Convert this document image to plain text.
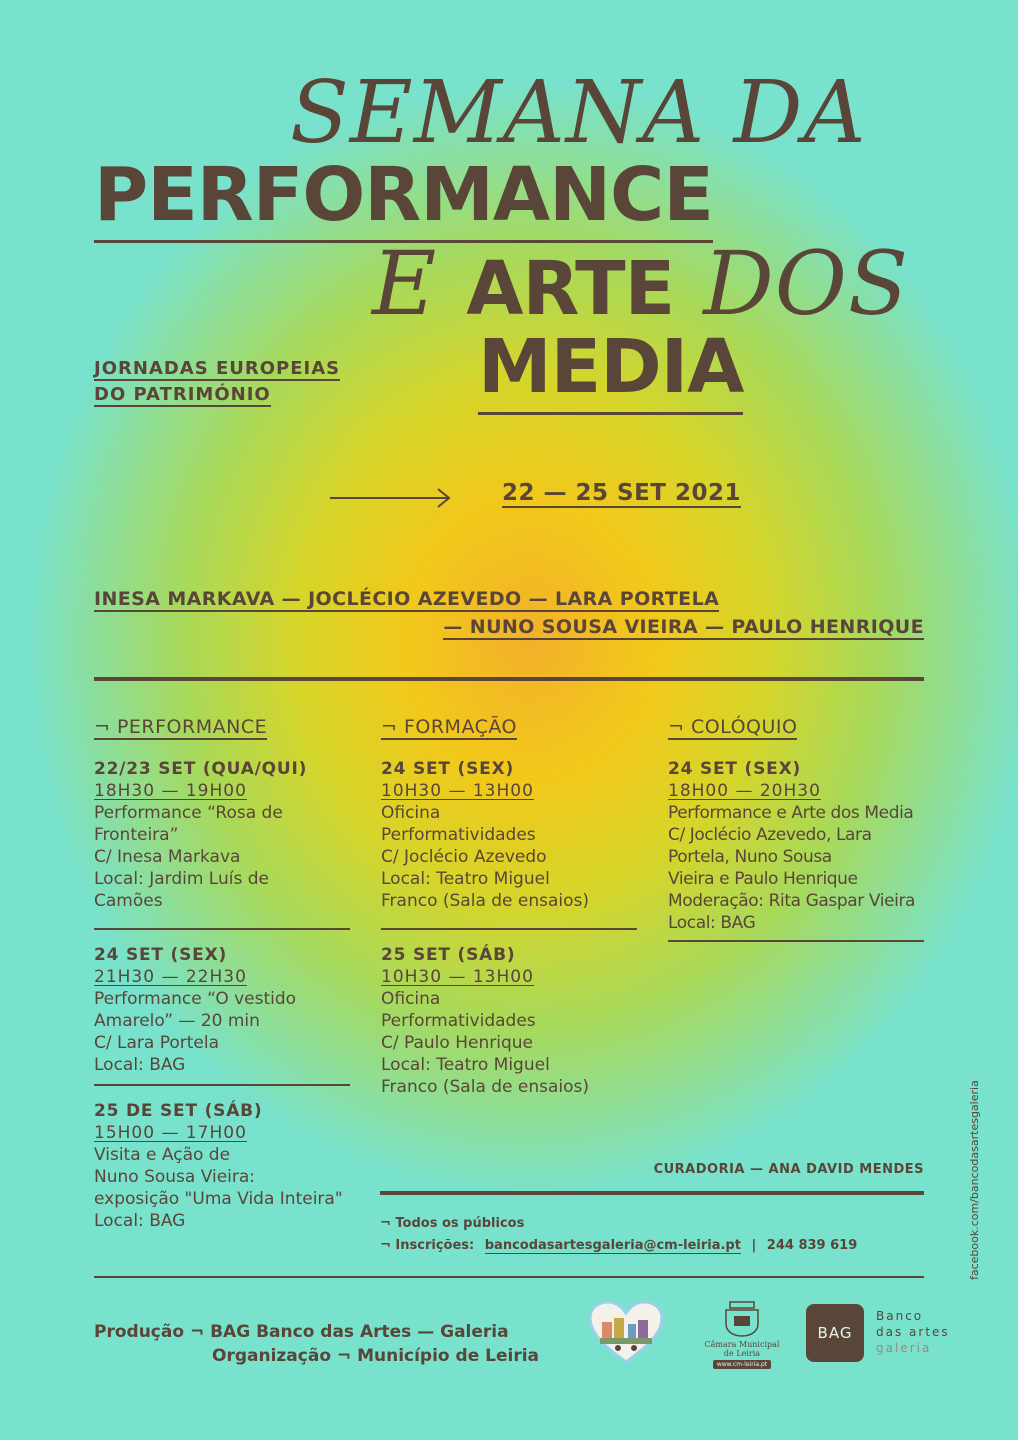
SEMANA DA
PERFORMANCE
E ARTE DOS
MEDIA
JORNADAS EUROPEIAS
DO PATRIMÓNIO
22 — 25 SET 2021
INESA MARKAVA — JOCLÉCIO AZEVEDO — LARA PORTELA
— NUNO SOUSA VIEIRA — PAULO HENRIQUE
¬ PERFORMANCE
22/23 SET (QUA/QUI)
18H30 — 19H00
Performance “Rosa de
Fronteira”
C/ Inesa Markava
Local: Jardim Luís de
Camões
24 SET (SEX)
21H30 — 22H30
Performance “O vestido
Amarelo” — 20 min
C/ Lara Portela
Local: BAG
25 DE SET (SÁB)
15H00 — 17H00
Visita e Ação de
Nuno Sousa Vieira:
exposição "Uma Vida Inteira"
Local: BAG
¬ FORMAÇÃO
24 SET (SEX)
10H30 — 13H00
Oficina
Performatividades
C/ Joclécio Azevedo
Local: Teatro Miguel
Franco (Sala de ensaios)
25 SET (SÁB)
10H30 — 13H00
Oficina
Performatividades
C/ Paulo Henrique
Local: Teatro Miguel
Franco (Sala de ensaios)
¬ COLÓQUIO
24 SET (SEX)
18H00 — 20H30
Performance e Arte dos Media
C/ Joclécio Azevedo, Lara
Portela, Nuno Sousa
Vieira e Paulo Henrique
Moderação: Rita Gaspar Vieira
Local: BAG
CURADORIA — ANA DAVID MENDES
¬ Todos os públicos
¬ Inscrições: bancodasartesgaleria@cm-leiria.pt | 244 839 619
Produção ¬ BAG Banco das Artes — Galeria
Organização ¬ Município de Leiria
Câmara Municipal de Leiria
www.cm-leiria.pt
BAG
Banco
das artes
galeria
facebook.com/bancodasartesgaleria
